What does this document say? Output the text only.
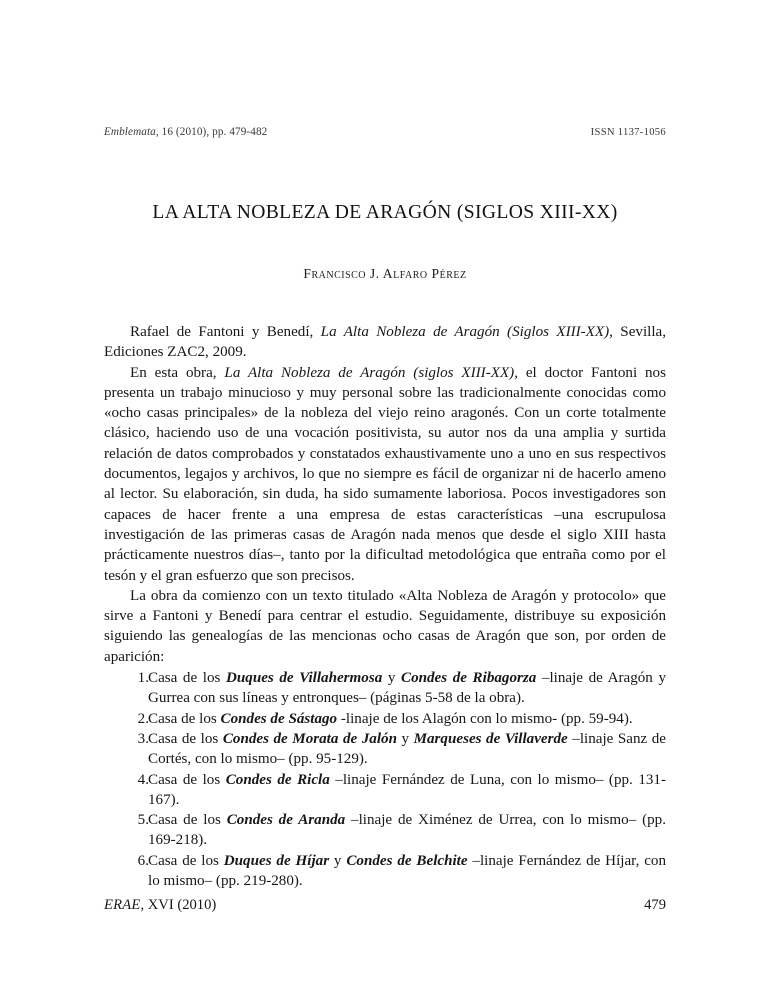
Emblemata, 16 (2010), pp. 479-482	ISSN 1137-1056
LA ALTA NOBLEZA DE ARAGÓN (SIGLOS XIII-XX)
Francisco J. Alfaro Pérez

Rafael de Fantoni y Benedí, La Alta Nobleza de Aragón (Siglos XIII-XX), Sevilla, Ediciones ZAC2, 2009.

En esta obra, La Alta Nobleza de Aragón (siglos XIII-XX), el doctor Fantoni nos presenta un trabajo minucioso y muy personal sobre las tradicionalmente conocidas como «ocho casas principales» de la nobleza del viejo reino aragonés. Con un corte totalmente clásico, haciendo uso de una vocación positivista, su autor nos da una amplia y surtida relación de datos comprobados y constatados exhaustivamente uno a uno en sus respectivos documentos, legajos y archivos, lo que no siempre es fácil de organizar ni de hacerlo ameno al lector. Su elaboración, sin duda, ha sido sumamente laboriosa. Pocos investigadores son capaces de hacer frente a una empresa de estas características –una escrupulosa investigación de las primeras casas de Aragón nada menos que desde el siglo XIII hasta prácticamente nuestros días–, tanto por la dificultad metodológica que entraña como por el tesón y el gran esfuerzo que son precisos.

La obra da comienzo con un texto titulado «Alta Nobleza de Aragón y protocolo» que sirve a Fantoni y Benedí para centrar el estudio. Seguidamente, distribuye su exposición siguiendo las genealogías de las mencionas ocho casas de Aragón que son, por orden de aparición:

1. Casa de los Duques de Villahermosa y Condes de Ribagorza –linaje de Aragón y Gurrea con sus líneas y entronques– (páginas 5-58 de la obra).
2. Casa de los Condes de Sástago -linaje de los Alagón con lo mismo- (pp. 59-94).
3. Casa de los Condes de Morata de Jalón y Marqueses de Villaverde –linaje Sanz de Cortés, con lo mismo– (pp. 95-129).
4. Casa de los Condes de Ricla –linaje Fernández de Luna, con lo mismo– (pp. 131-167).
5. Casa de los Condes de Aranda –linaje de Ximénez de Urrea, con lo mismo– (pp. 169-218).
6. Casa de los Duques de Híjar y Condes de Belchite –linaje Fernández de Híjar, con lo mismo– (pp. 219-280).
ERAE, XVI (2010)	479
